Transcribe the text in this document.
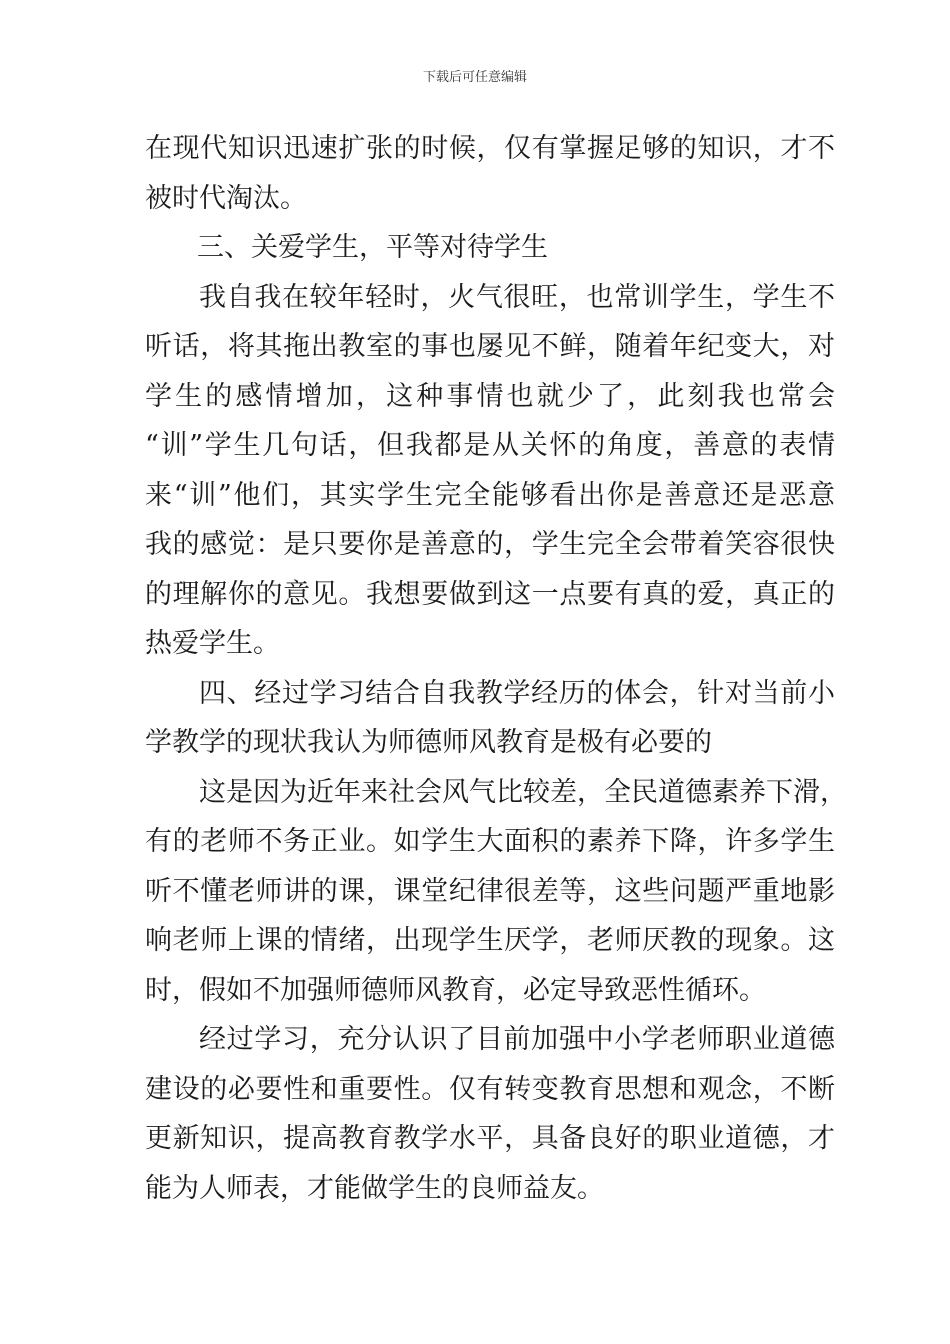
下载后可任意编辑
在现代知识迅速扩张的时候，仅有掌握足够的知识，才不
被时代淘汰。
三、关爱学生，平等对待学生
我自我在较年轻时，火气很旺，也常训学生，学生不
听话，将其拖出教室的事也屡见不鲜，随着年纪变大，对
学生的感情增加，这种事情也就少了，此刻我也常会
“训”学生几句话，但我都是从关怀的角度，善意的表情
来“训”他们，其实学生完全能够看出你是善意还是恶意
我的感觉：是只要你是善意的，学生完全会带着笑容很快
的理解你的意见。我想要做到这一点要有真的爱，真正的
热爱学生。
四、经过学习结合自我教学经历的体会，针对当前小
学教学的现状我认为师德师风教育是极有必要的
这是因为近年来社会风气比较差，全民道德素养下滑，
有的老师不务正业。如学生大面积的素养下降，许多学生
听不懂老师讲的课，课堂纪律很差等，这些问题严重地影
响老师上课的情绪，出现学生厌学，老师厌教的现象。这
时，假如不加强师德师风教育，必定导致恶性循环。
经过学习，充分认识了目前加强中小学老师职业道德
建设的必要性和重要性。仅有转变教育思想和观念，不断
更新知识，提高教育教学水平，具备良好的职业道德，才
能为人师表，才能做学生的良师益友。
